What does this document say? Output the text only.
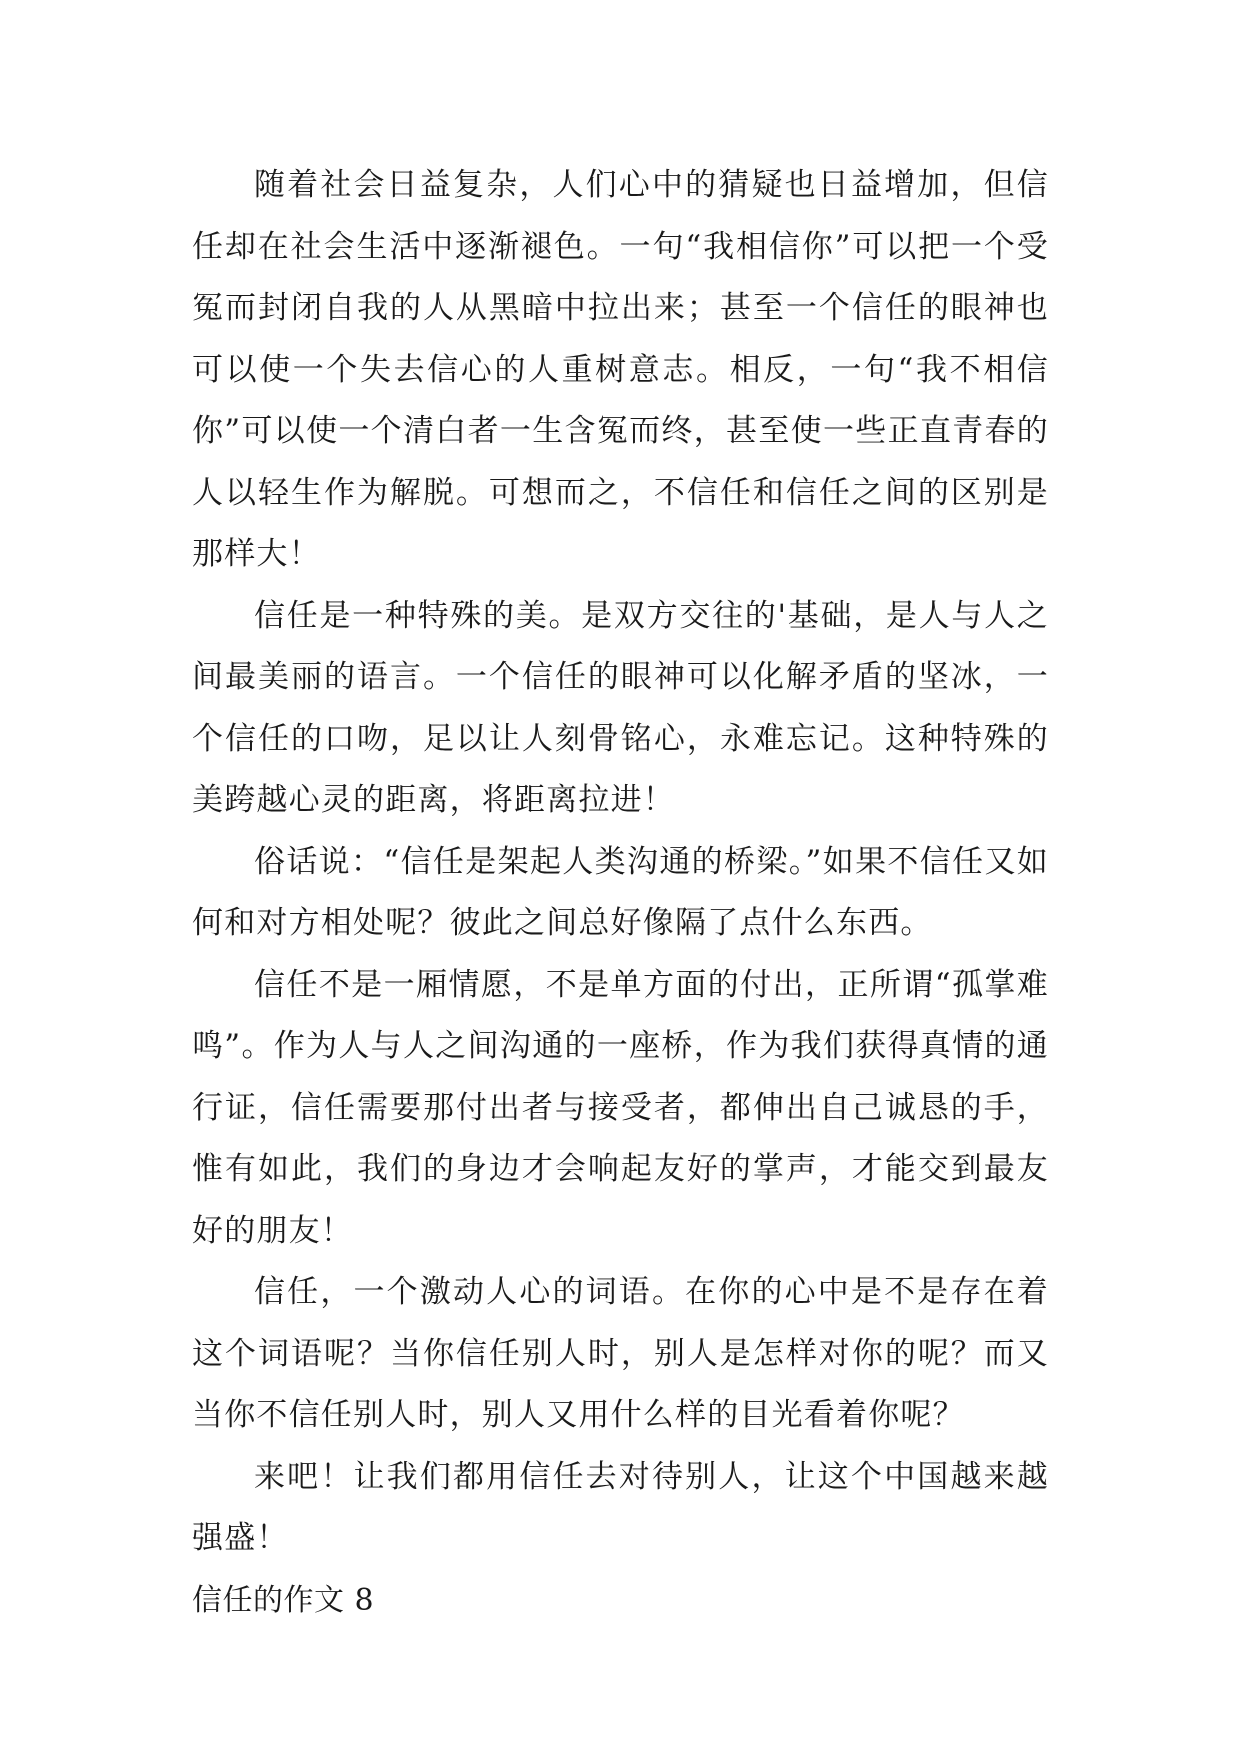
随着社会日益复杂，人们心中的猜疑也日益增加，但信任却在社会生活中逐渐褪色。一句“我相信你”可以把一个受冤而封闭自我的人从黑暗中拉出来；甚至一个信任的眼神也可以使一个失去信心的人重树意志。相反，一句“我不相信你”可以使一个清白者一生含冤而终，甚至使一些正直青春的人以轻生作为解脱。可想而之，不信任和信任之间的区别是那样大！

信任是一种特殊的美。是双方交往的'基础，是人与人之间最美丽的语言。一个信任的眼神可以化解矛盾的坚冰，一个信任的口吻，足以让人刻骨铭心，永难忘记。这种特殊的美跨越心灵的距离，将距离拉进！

俗话说：“信任是架起人类沟通的桥梁。”如果不信任又如何和对方相处呢？彼此之间总好像隔了点什么东西。

信任不是一厢情愿，不是单方面的付出，正所谓“孤掌难鸣”。作为人与人之间沟通的一座桥，作为我们获得真情的通行证，信任需要那付出者与接受者，都伸出自己诚恳的手，惟有如此，我们的身边才会响起友好的掌声，才能交到最友好的朋友！

信任，一个激动人心的词语。在你的心中是不是存在着这个词语呢？当你信任别人时，别人是怎样对你的呢？而又当你不信任别人时，别人又用什么样的目光看着你呢？

来吧！让我们都用信任去对待别人，让这个中国越来越强盛！

信任的作文 8
